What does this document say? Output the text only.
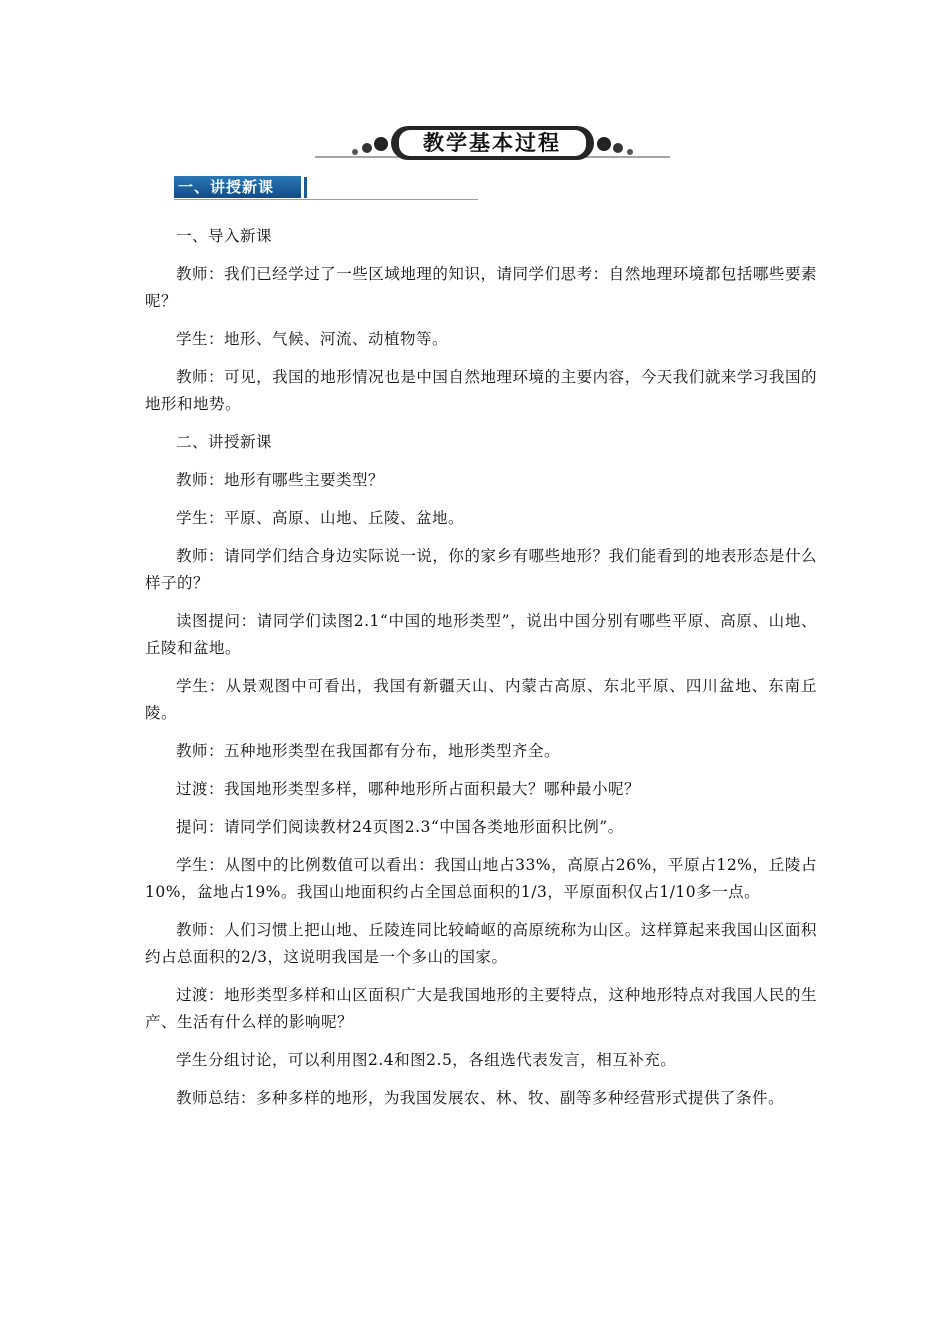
教学基本过程
一、讲授新课

一、导入新课

教师：我们已经学过了一些区域地理的知识，请同学们思考：自然地理环境都包括哪些要素呢？

学生：地形、气候、河流、动植物等。

教师：可见，我国的地形情况也是中国自然地理环境的主要内容，今天我们就来学习我国的地形和地势。

二、讲授新课

教师：地形有哪些主要类型？

学生：平原、高原、山地、丘陵、盆地。

教师：请同学们结合身边实际说一说，你的家乡有哪些地形？我们能看到的地表形态是什么样子的？

读图提问：请同学们读图2.1“中国的地形类型”，说出中国分别有哪些平原、高原、山地、丘陵和盆地。

学生：从景观图中可看出，我国有新疆天山、内蒙古高原、东北平原、四川盆地、东南丘陵。

教师：五种地形类型在我国都有分布，地形类型齐全。

过渡：我国地形类型多样，哪种地形所占面积最大？哪种最小呢？

提问：请同学们阅读教材24页图2.3“中国各类地形面积比例”。

学生：从图中的比例数值可以看出：我国山地占33%，高原占26%，平原占12%，丘陵占10%，盆地占19%。我国山地面积约占全国总面积的1/3，平原面积仅占1/10多一点。

教师：人们习惯上把山地、丘陵连同比较崎岖的高原统称为山区。这样算起来我国山区面积约占总面积的2/3，这说明我国是一个多山的国家。

过渡：地形类型多样和山区面积广大是我国地形的主要特点，这种地形特点对我国人民的生产、生活有什么样的影响呢？

学生分组讨论，可以利用图2.4和图2.5，各组选代表发言，相互补充。

教师总结：多种多样的地形，为我国发展农、林、牧、副等多种经营形式提供了条件。
